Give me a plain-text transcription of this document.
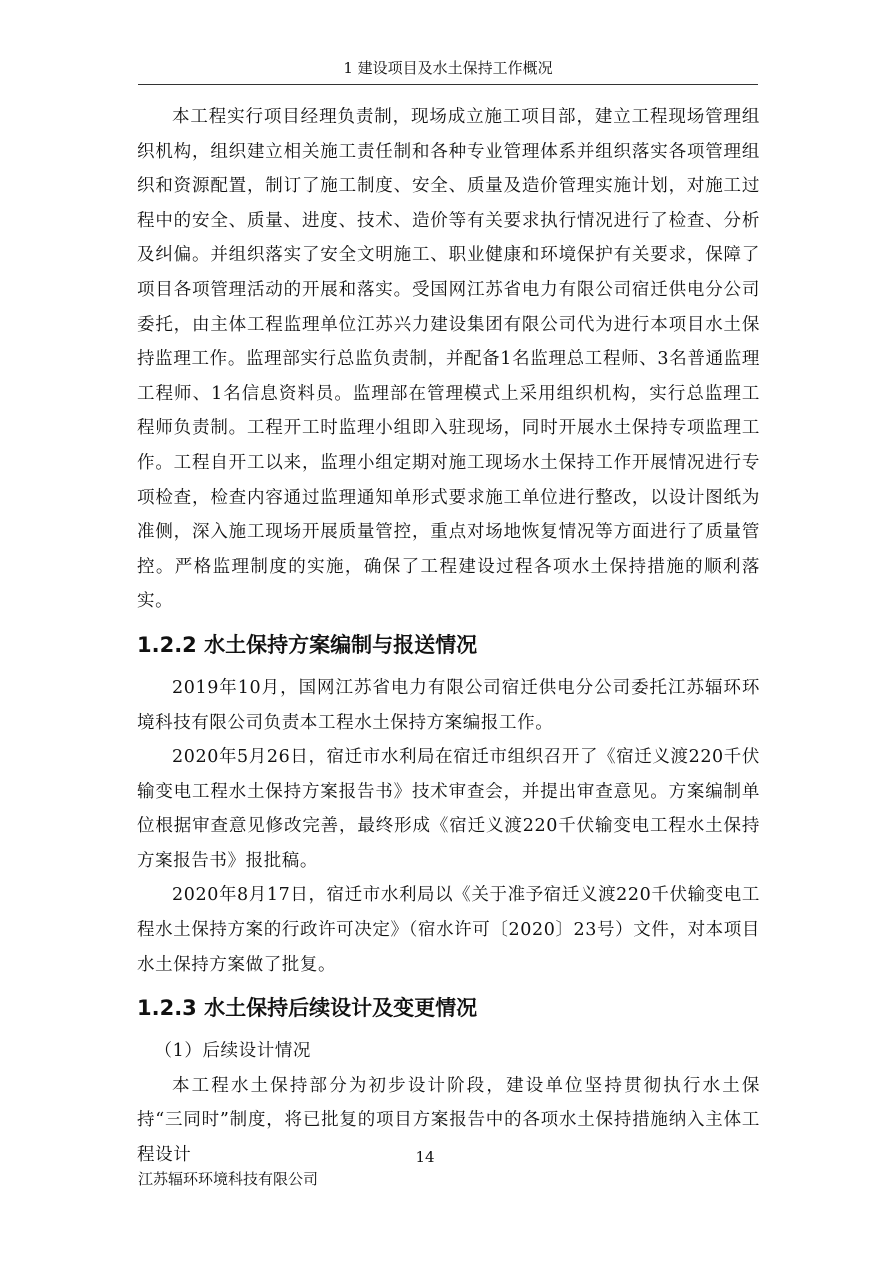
1 建设项目及水土保持工作概况

本工程实行项目经理负责制，现场成立施工项目部，建立工程现场管理组织机构，组织建立相关施工责任制和各种专业管理体系并组织落实各项管理组织和资源配置，制订了施工制度、安全、质量及造价管理实施计划，对施工过程中的安全、质量、进度、技术、造价等有关要求执行情况进行了检查、分析及纠偏。并组织落实了安全文明施工、职业健康和环境保护有关要求，保障了项目各项管理活动的开展和落实。受国网江苏省电力有限公司宿迁供电分公司委托，由主体工程监理单位江苏兴力建设集团有限公司代为进行本项目水土保持监理工作。监理部实行总监负责制，并配备1名监理总工程师、3名普通监理工程师、1名信息资料员。监理部在管理模式上采用组织机构，实行总监理工程师负责制。工程开工时监理小组即入驻现场，同时开展水土保持专项监理工作。工程自开工以来，监理小组定期对施工现场水土保持工作开展情况进行专项检查，检查内容通过监理通知单形式要求施工单位进行整改，以设计图纸为准侧，深入施工现场开展质量管控，重点对场地恢复情况等方面进行了质量管控。严格监理制度的实施，确保了工程建设过程各项水土保持措施的顺利落实。

1.2.2 水土保持方案编制与报送情况

2019年10月，国网江苏省电力有限公司宿迁供电分公司委托江苏辐环环境科技有限公司负责本工程水土保持方案编报工作。

2020年5月26日，宿迁市水利局在宿迁市组织召开了《宿迁义渡220千伏输变电工程水土保持方案报告书》技术审查会，并提出审查意见。方案编制单位根据审查意见修改完善，最终形成《宿迁义渡220千伏输变电工程水土保持方案报告书》报批稿。

2020年8月17日，宿迁市水利局以《关于准予宿迁义渡220千伏输变电工程水土保持方案的行政许可决定》（宿水许可〔2020〕23号）文件，对本项目水土保持方案做了批复。

1.2.3 水土保持后续设计及变更情况

（1）后续设计情况

本工程水土保持部分为初步设计阶段，建设单位坚持贯彻执行水土保持“三同时”制度，将已批复的项目方案报告中的各项水土保持措施纳入主体工程设计	14
江苏辐环环境科技有限公司
